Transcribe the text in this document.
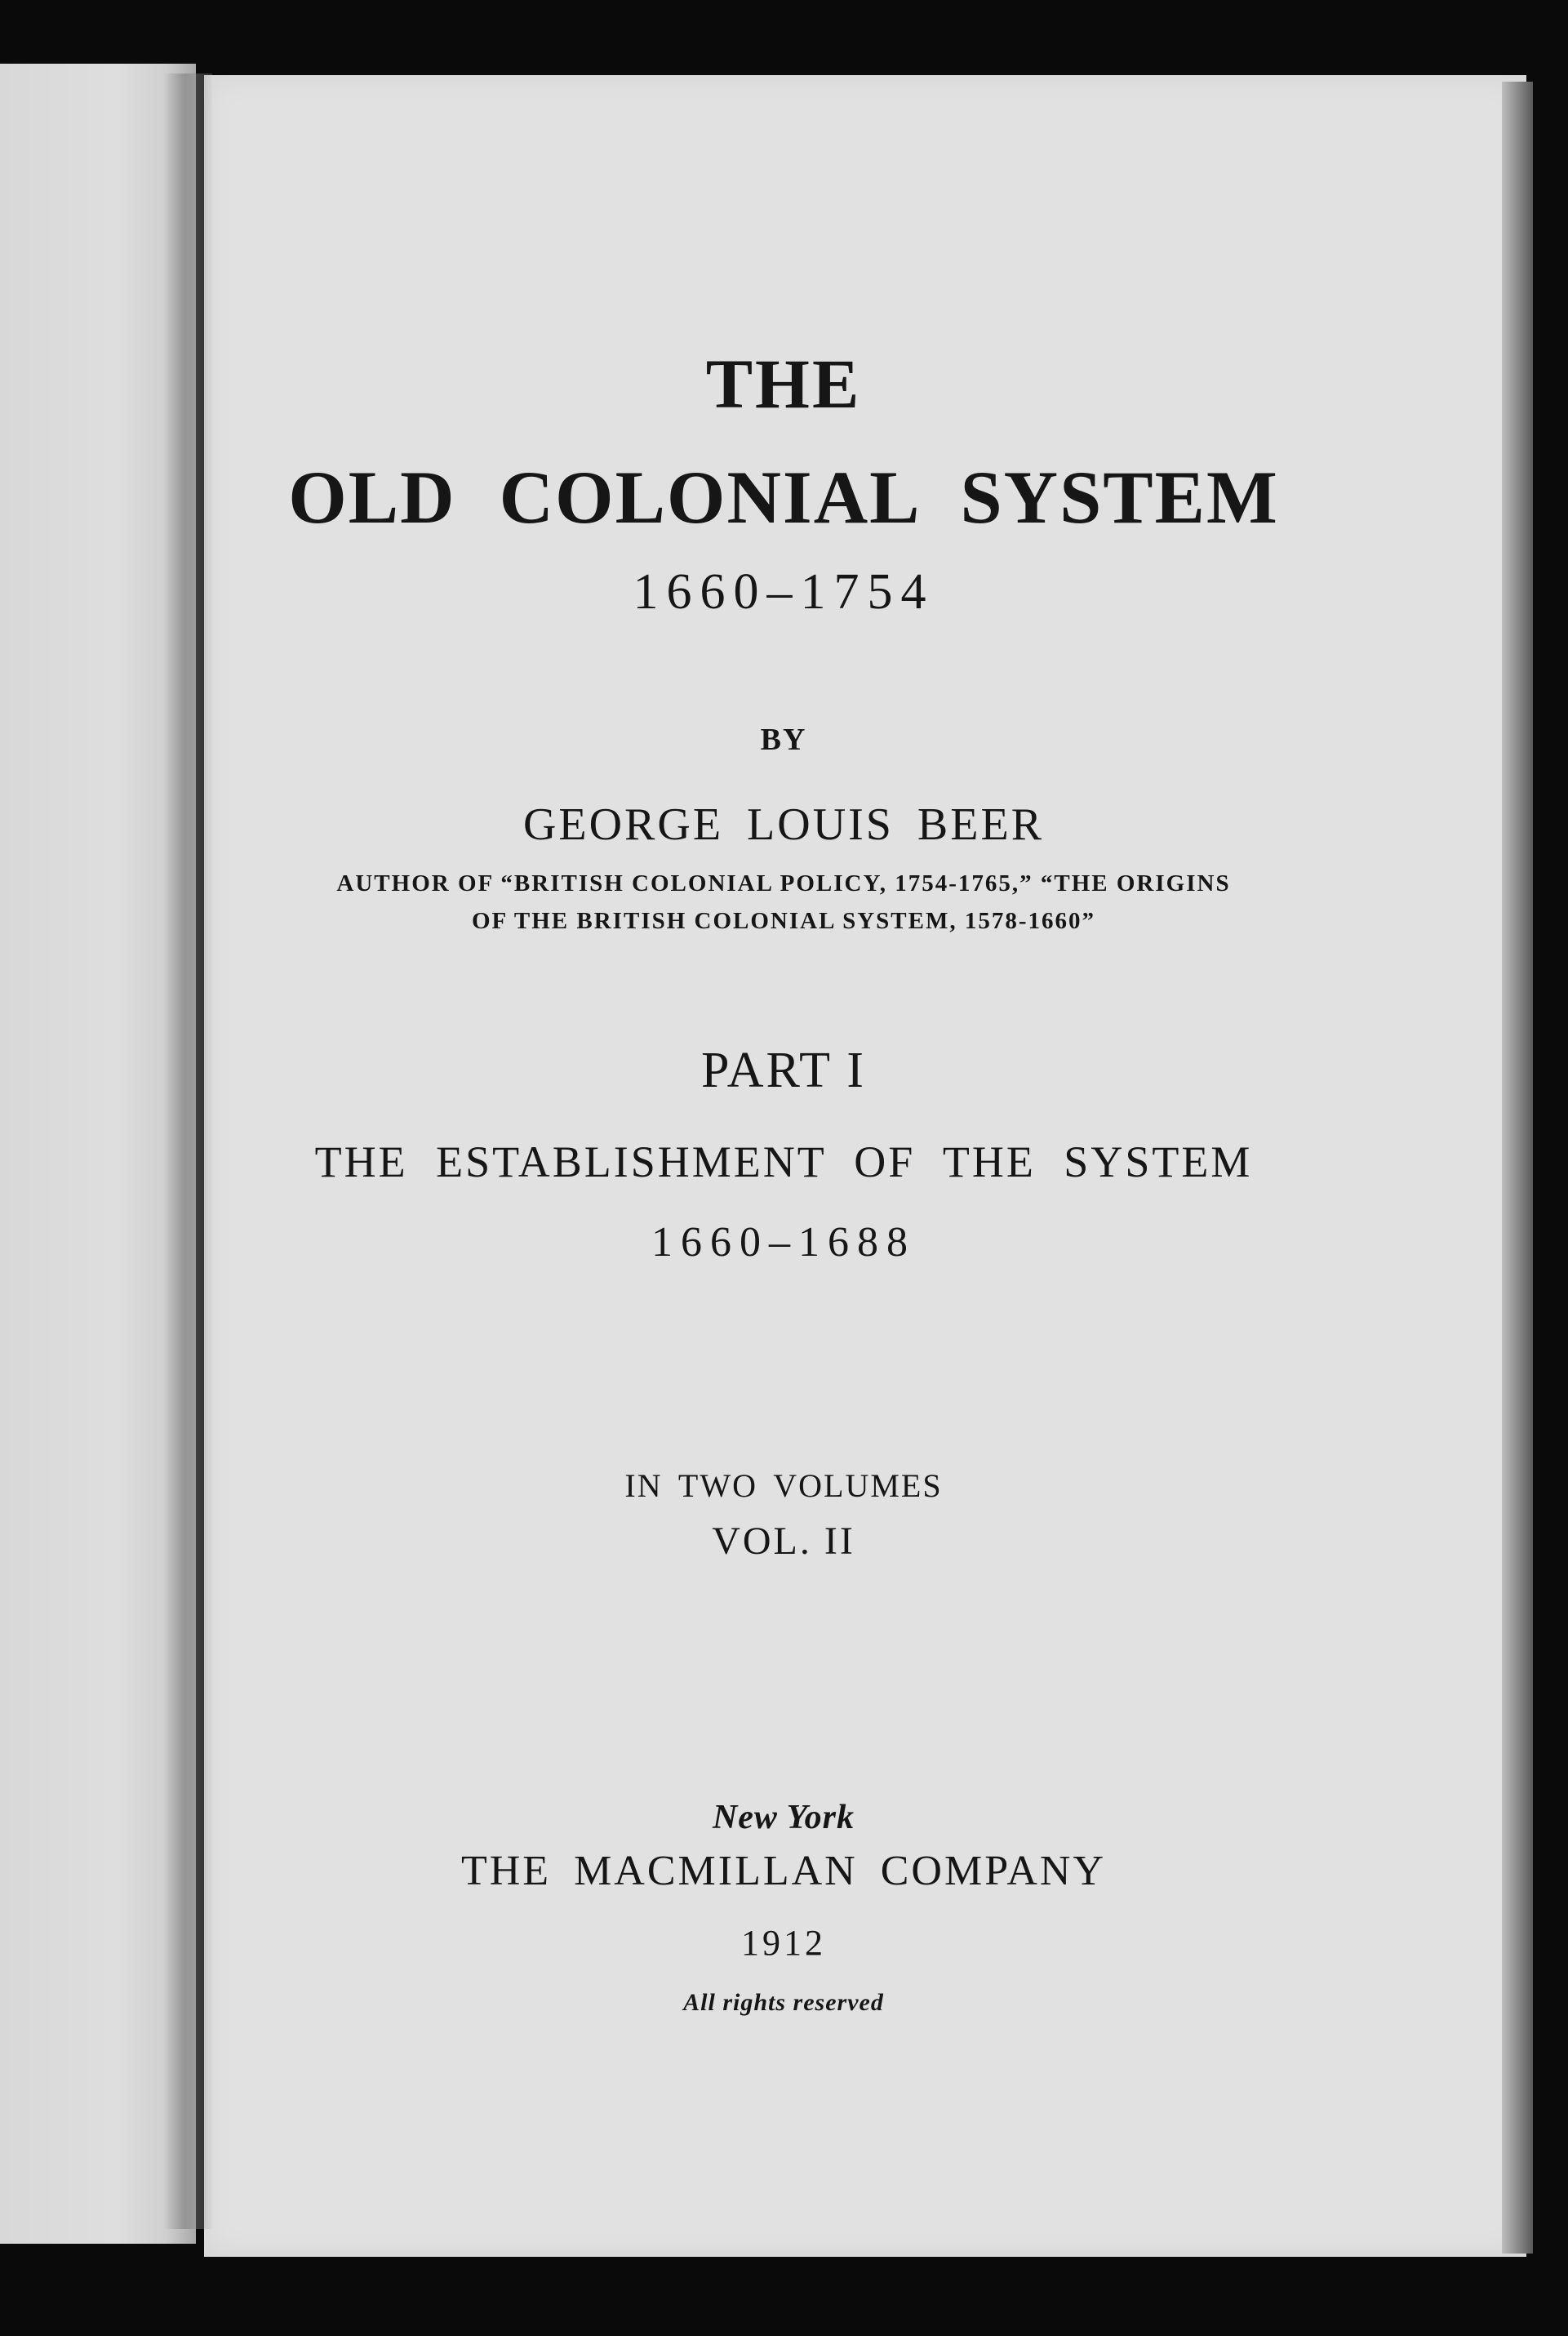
THE
OLD COLONIAL SYSTEM
1660–1754
BY
GEORGE LOUIS BEER
AUTHOR OF “BRITISH COLONIAL POLICY, 1754-1765,” “THE ORIGINS
OF THE BRITISH COLONIAL SYSTEM, 1578-1660”
PART I
THE ESTABLISHMENT OF THE SYSTEM
1660–1688
IN TWO VOLUMES
VOL. II
New York
THE MACMILLAN COMPANY
1912
All rights reserved
